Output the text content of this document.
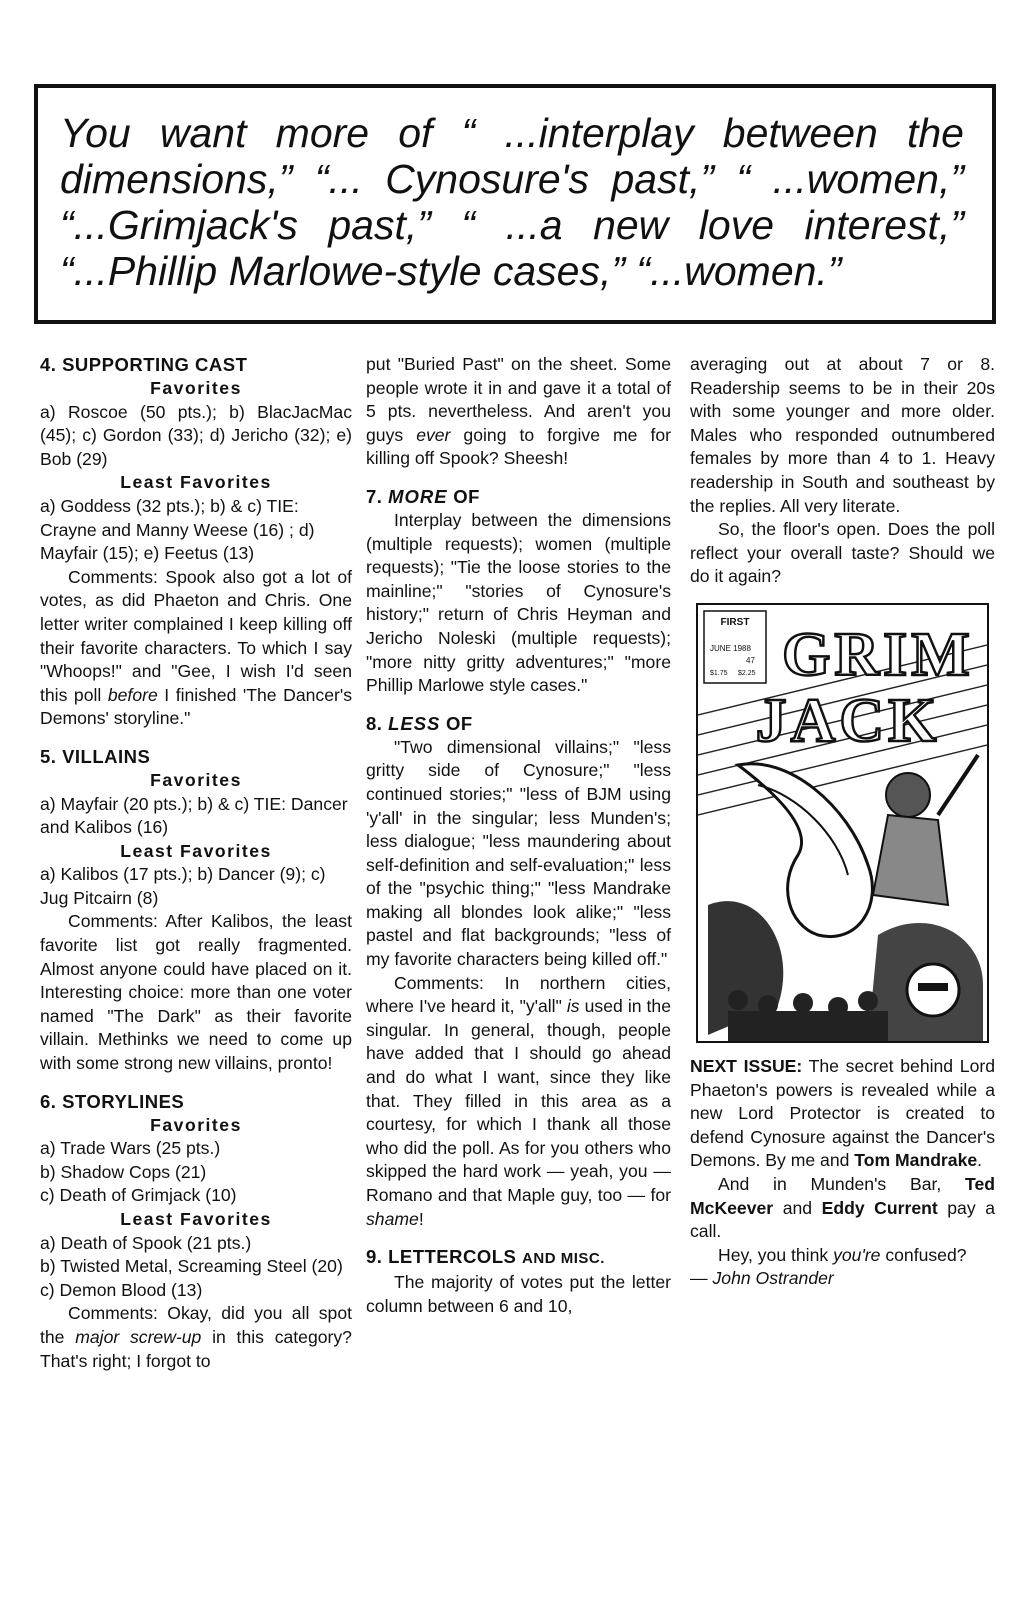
You want more of “ ...interplay between the dimensions,” “... Cynosure's past,” “ ...women,” “...Grimjack's past,” “ ...a new love interest,” “...Phillip Marlowe-style cases,” “...women.”
4. SUPPORTING CAST
Favorites

a) Roscoe (50 pts.); b) BlacJacMac (45); c) Gordon (33); d) Jericho (32); e) Bob (29)

Least Favorites

a) Goddess (32 pts.); b) & c) TIE: Crayne and Manny Weese (16) ; d) Mayfair (15); e) Feetus (13)

Comments: Spook also got a lot of votes, as did Phaeton and Chris. One letter writer complained I keep killing off their favorite characters. To which I say "Whoops!" and "Gee, I wish I'd seen this poll before I finished 'The Dancer's Demons' storyline."

5. VILLAINS
Favorites

a) Mayfair (20 pts.); b) & c) TIE: Dancer and Kalibos (16)

Least Favorites

a) Kalibos (17 pts.); b) Dancer (9); c) Jug Pitcairn (8)

Comments: After Kalibos, the least favorite list got really fragmented. Almost anyone could have placed on it. Interesting choice: more than one voter named "The Dark" as their favorite villain. Methinks we need to come up with some strong new villains, pronto!

6. STORYLINES
Favorites

a) Trade Wars (25 pts.)

b) Shadow Cops (21)

c) Death of Grimjack (10)

Least Favorites

a) Death of Spook (21 pts.)

b) Twisted Metal, Screaming Steel (20)

c) Demon Blood (13)

Comments: Okay, did you all spot the major screw-up in this category? That's right; I forgot to

put "Buried Past" on the sheet. Some people wrote it in and gave it a total of 5 pts. nevertheless. And aren't you guys ever going to forgive me for killing off Spook? Sheesh!

7. MORE OF

Interplay between the dimensions (multiple requests); women (multiple requests); "Tie the loose stories to the mainline;" "stories of Cynosure's history;" return of Chris Heyman and Jericho Noleski (multiple requests); "more nitty gritty adventures;" "more Phillip Marlowe style cases."

8. LESS OF

"Two dimensional villains;" "less gritty side of Cynosure;" "less continued stories;" "less of BJM using 'y'all' in the singular; less Munden's; less dialogue; "less maundering about self-definition and self-evaluation;" less of the "psychic thing;" "less Mandrake making all blondes look alike;" "less pastel and flat backgrounds; "less of my favorite characters being killed off."

Comments: In northern cities, where I've heard it, "y'all" is used in the singular. In general, though, people have added that I should go ahead and do what I want, since they like that. They filled in this area as a courtesy, for which I thank all those who did the poll. As for you others who skipped the hard work — yeah, you — Romano and that Maple guy, too — for shame!

9. LETTERCOLS AND MISC.

The majority of votes put the letter column between 6 and 10,

averaging out at about 7 or 8. Readership seems to be in their 20s with some younger and more older. Males who responded outnumbered females by more than 4 to 1. Heavy readership in South and southeast by the replies. All very literate.

So, the floor's open. Does the poll reflect your overall taste? Should we do it again?

FIRST
JUNE 1988
47
$1.75 $2.25 GRIM
JACK

NEXT ISSUE: The secret behind Lord Phaeton's powers is revealed while a new Lord Protector is created to defend Cynosure against the Dancer's Demons. By me and Tom Mandrake.

And in Munden's Bar, Ted McKeever and Eddy Current pay a call.

Hey, you think you're confused?

— John Ostrander
